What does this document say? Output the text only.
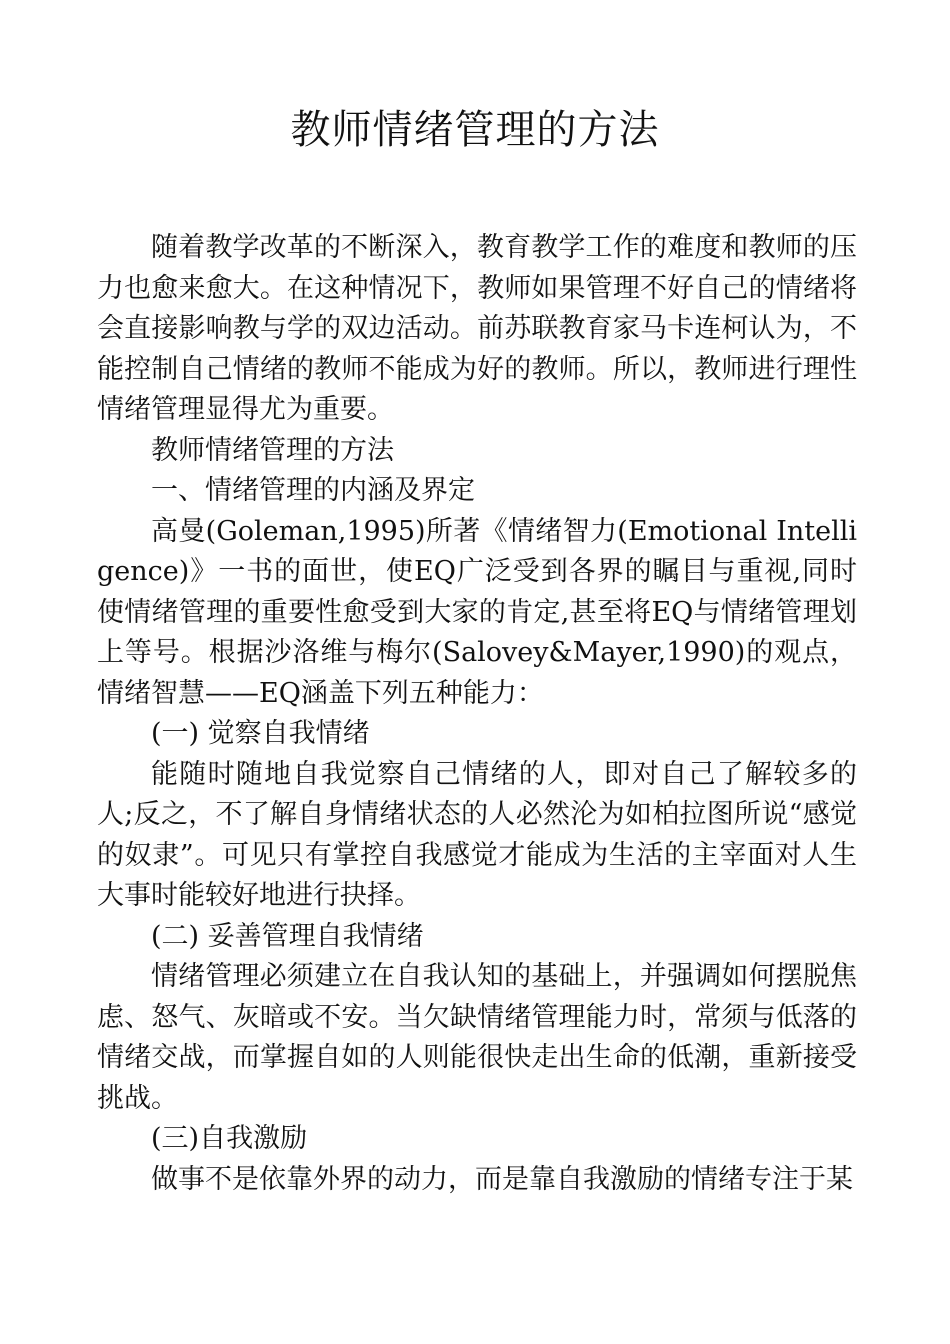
教师情绪管理的方法

随着教学改革的不断深入，教育教学工作的难度和教师的压力也愈来愈大。在这种情况下，教师如果管理不好自己的情绪将会直接影响教与学的双边活动。前苏联教育家马卡连柯认为，不能控制自己情绪的教师不能成为好的教师。所以，教师进行理性情绪管理显得尤为重要。

教师情绪管理的方法

一、情绪管理的内涵及界定

高曼(Goleman,1995)所著《情绪智力(Emotional Intelligence)》一书的面世，使EQ广泛受到各界的瞩目与重视,同时使情绪管理的重要性愈受到大家的肯定,甚至将EQ与情绪管理划上等号。根据沙洛维与梅尔(Salovey&Mayer,1990)的观点，情绪智慧——EQ涵盖下列五种能力：

(一) 觉察自我情绪

能随时随地自我觉察自己情绪的人，即对自己了解较多的人;反之，不了解自身情绪状态的人必然沦为如柏拉图所说“感觉的奴隶”。可见只有掌控自我感觉才能成为生活的主宰面对人生大事时能较好地进行抉择。

(二) 妥善管理自我情绪

情绪管理必须建立在自我认知的基础上，并强调如何摆脱焦虑、怒气、灰暗或不安。当欠缺情绪管理能力时，常须与低落的情绪交战，而掌握自如的人则能很快走出生命的低潮，重新接受挑战。

(三)自我激励

做事不是依靠外界的动力，而是靠自我激励的情绪专注于某
